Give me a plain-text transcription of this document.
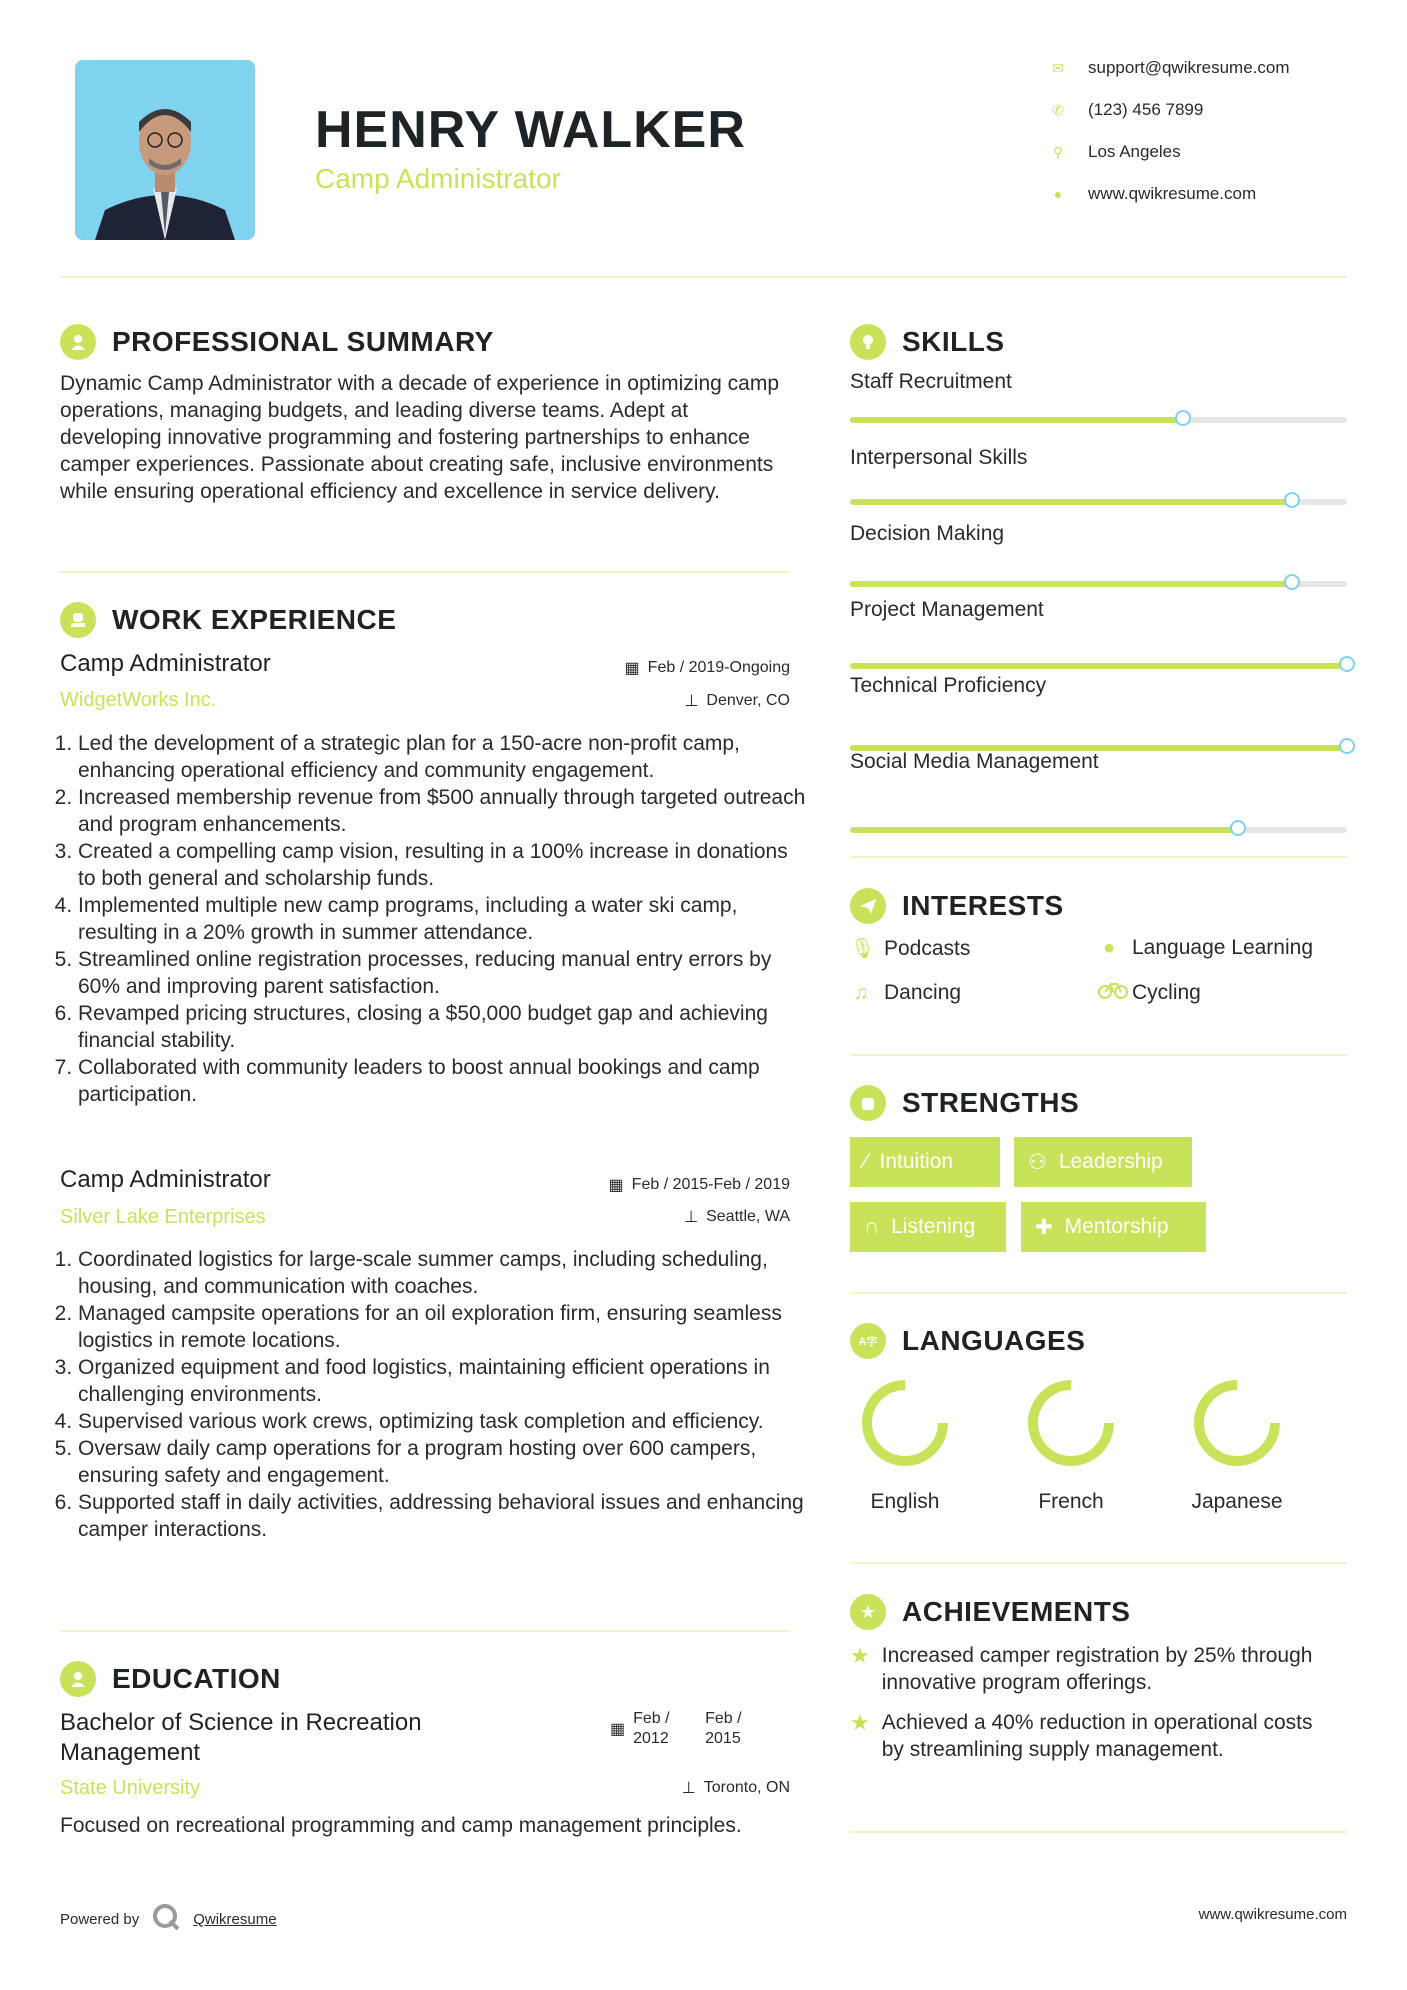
HENRY WALKER
Camp Administrator
✉ support@qwikresume.com
✆ (123) 456 7899
⚲ Los Angeles
● www.qwikresume.com
PROFESSIONAL SUMMARY
Dynamic Camp Administrator with a decade of experience in optimizing camp operations, managing budgets, and leading diverse teams. Adept at developing innovative programming and fostering partnerships to enhance camper experiences. Passionate about creating safe, inclusive environments while ensuring operational efficiency and excellence in service delivery.
WORK EXPERIENCE
Camp Administrator	▦ Feb / 2019-Ongoing
WidgetWorks Inc.	⊥ Denver, CO
1. Led the development of a strategic plan for a 150-acre non-profit camp, enhancing operational efficiency and community engagement.
2. Increased membership revenue from $500 annually through targeted outreach and program enhancements.
3. Created a compelling camp vision, resulting in a 100% increase in donations to both general and scholarship funds.
4. Implemented multiple new camp programs, including a water ski camp, resulting in a 20% growth in summer attendance.
5. Streamlined online registration processes, reducing manual entry errors by 60% and improving parent satisfaction.
6. Revamped pricing structures, closing a $50,000 budget gap and achieving financial stability.
7. Collaborated with community leaders to boost annual bookings and camp participation.
Camp Administrator	▦ Feb / 2015-Feb / 2019
Silver Lake Enterprises	⊥ Seattle, WA
1. Coordinated logistics for large-scale summer camps, including scheduling, housing, and communication with coaches.
2. Managed campsite operations for an oil exploration firm, ensuring seamless logistics in remote locations.
3. Organized equipment and food logistics, maintaining efficient operations in challenging environments.
4. Supervised various work crews, optimizing task completion and efficiency.
5. Oversaw daily camp operations for a program hosting over 600 campers, ensuring safety and engagement.
6. Supported staff in daily activities, addressing behavioral issues and enhancing camper interactions.
EDUCATION
Bachelor of Science in Recreation Management
▦
Feb / 2012
Feb / 2015
State University	⊥ Toronto, ON
Focused on recreational programming and camp management principles.
Powered by	Qwikresume
SKILLS
Staff Recruitment
Interpersonal Skills
Decision Making
Project Management
Technical Proficiency
Social Media Management
INTERESTS
🎙︎ Podcasts	● Language Learning
♫ Dancing	Cycling
STRENGTHS
⁄ Intuition	⚇ Leadership
∩ Listening	✚ Mentorship
A字 LANGUAGES
English	French	Japanese
★ ACHIEVEMENTS
★ Increased camper registration by 25% through innovative program offerings.
★ Achieved a 40% reduction in operational costs by streamlining supply management.
www.qwikresume.com
